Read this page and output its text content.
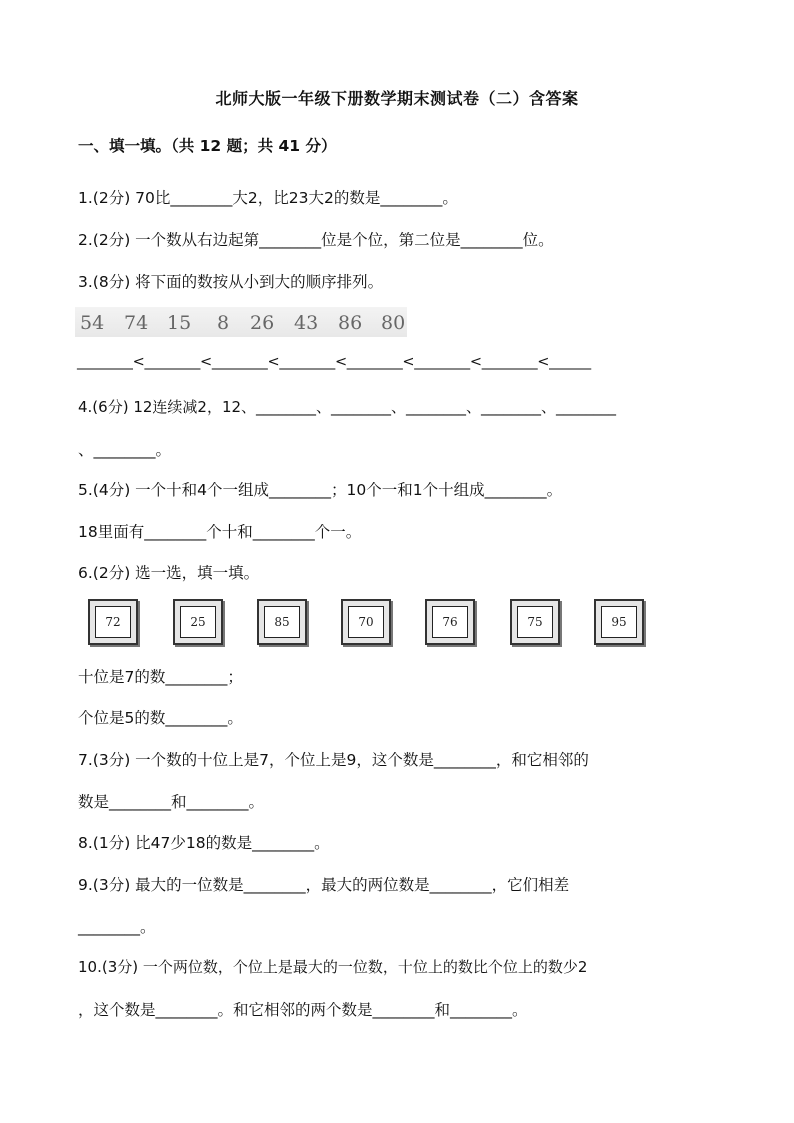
北师大版一年级下册数学期末测试卷（二）含答案
一、填一填。（共 12 题；共 41 分）
1.(2分) 70比________大2，比23大2的数是________。
2.(2分) 一个数从右边起第________位是个位，第二位是________位。
3.(8分) 将下面的数按从小到大的顺序排列。
54 74 15 8 26 43 86 80
________<________<________<________<________<________<________<______
4.(6分) 12连续减2，12、________、________、________、________、________
、________。
5.(4分) 一个十和4个一组成________；10个一和1个十组成________。
18里面有________个十和________个一。
6.(2分) 选一选，填一填。
72	25	85	70	76	75	95
十位是7的数________；
个位是5的数________。
7.(3分) 一个数的十位上是7，个位上是9，这个数是________，和它相邻的
数是________和________。
8.(1分) 比47少18的数是________。
9.(3分) 最大的一位数是________，最大的两位数是________，它们相差
________。
10.(3分) 一个两位数，个位上是最大的一位数，十位上的数比个位上的数少2
，这个数是________。和它相邻的两个数是________和________。
